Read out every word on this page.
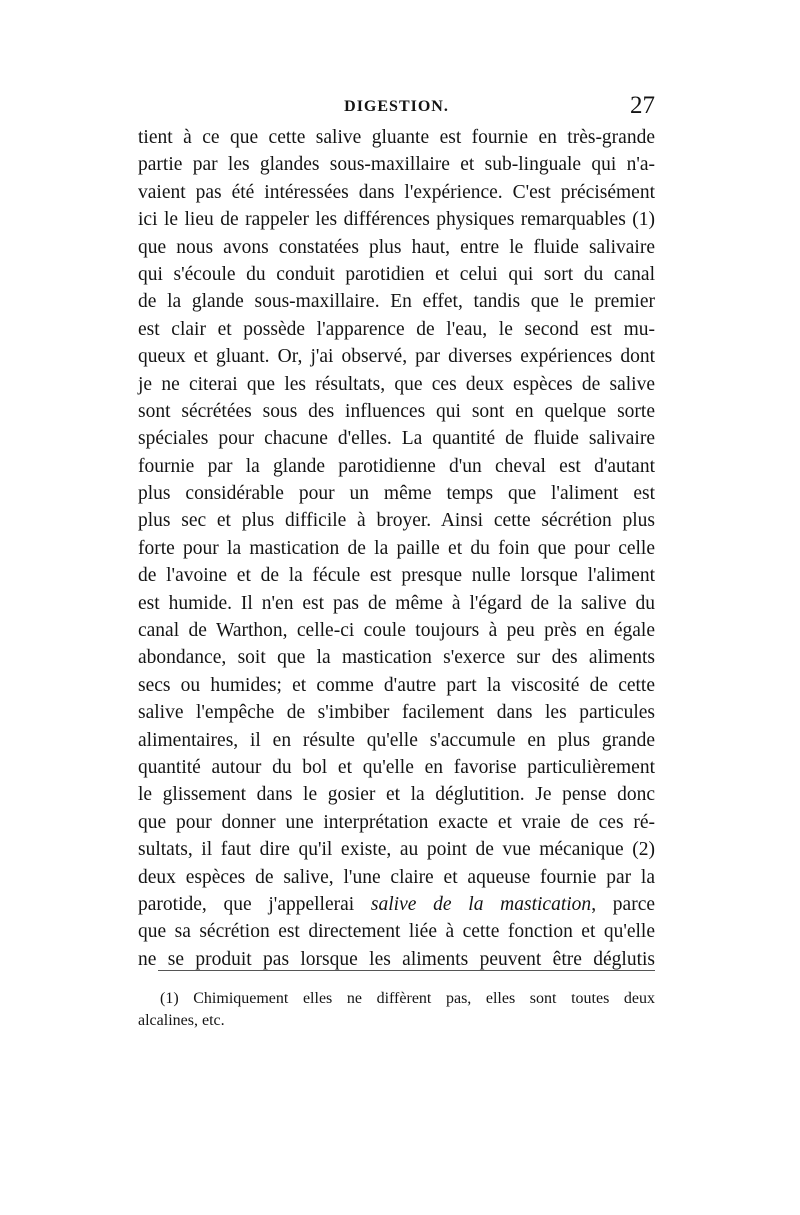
DIGESTION.	27
tient à ce que cette salive gluante est fournie en très-grande
partie par les glandes sous-maxillaire et sub-linguale qui n'a-
vaient pas été intéressées dans l'expérience. C'est précisément
ici le lieu de rappeler les différences physiques remarquables (1)
que nous avons constatées plus haut, entre le fluide salivaire
qui s'écoule du conduit parotidien et celui qui sort du canal
de la glande sous-maxillaire. En effet, tandis que le premier
est clair et possède l'apparence de l'eau, le second est mu-
queux et gluant. Or, j'ai observé, par diverses expériences dont
je ne citerai que les résultats, que ces deux espèces de salive
sont sécrétées sous des influences qui sont en quelque sorte
spéciales pour chacune d'elles. La quantité de fluide salivaire
fournie par la glande parotidienne d'un cheval est d'autant
plus considérable pour un même temps que l'aliment est
plus sec et plus difficile à broyer. Ainsi cette sécrétion plus
forte pour la mastication de la paille et du foin que pour celle
de l'avoine et de la fécule est presque nulle lorsque l'aliment
est humide. Il n'en est pas de même à l'égard de la salive du
canal de Warthon, celle-ci coule toujours à peu près en égale
abondance, soit que la mastication s'exerce sur des aliments
secs ou humides; et comme d'autre part la viscosité de cette
salive l'empêche de s'imbiber facilement dans les particules
alimentaires, il en résulte qu'elle s'accumule en plus grande
quantité autour du bol et qu'elle en favorise particulièrement
le glissement dans le gosier et la déglutition. Je pense donc
que pour donner une interprétation exacte et vraie de ces ré-
sultats, il faut dire qu'il existe, au point de vue mécanique (2)
deux espèces de salive, l'une claire et aqueuse fournie par la
parotide, que j'appellerai salive de la mastication, parce
que sa sécrétion est directement liée à cette fonction et qu'elle
ne se produit pas lorsque les aliments peuvent être déglutis
(1) Chimiquement elles ne diffèrent pas, elles sont toutes deux
alcalines, etc.
